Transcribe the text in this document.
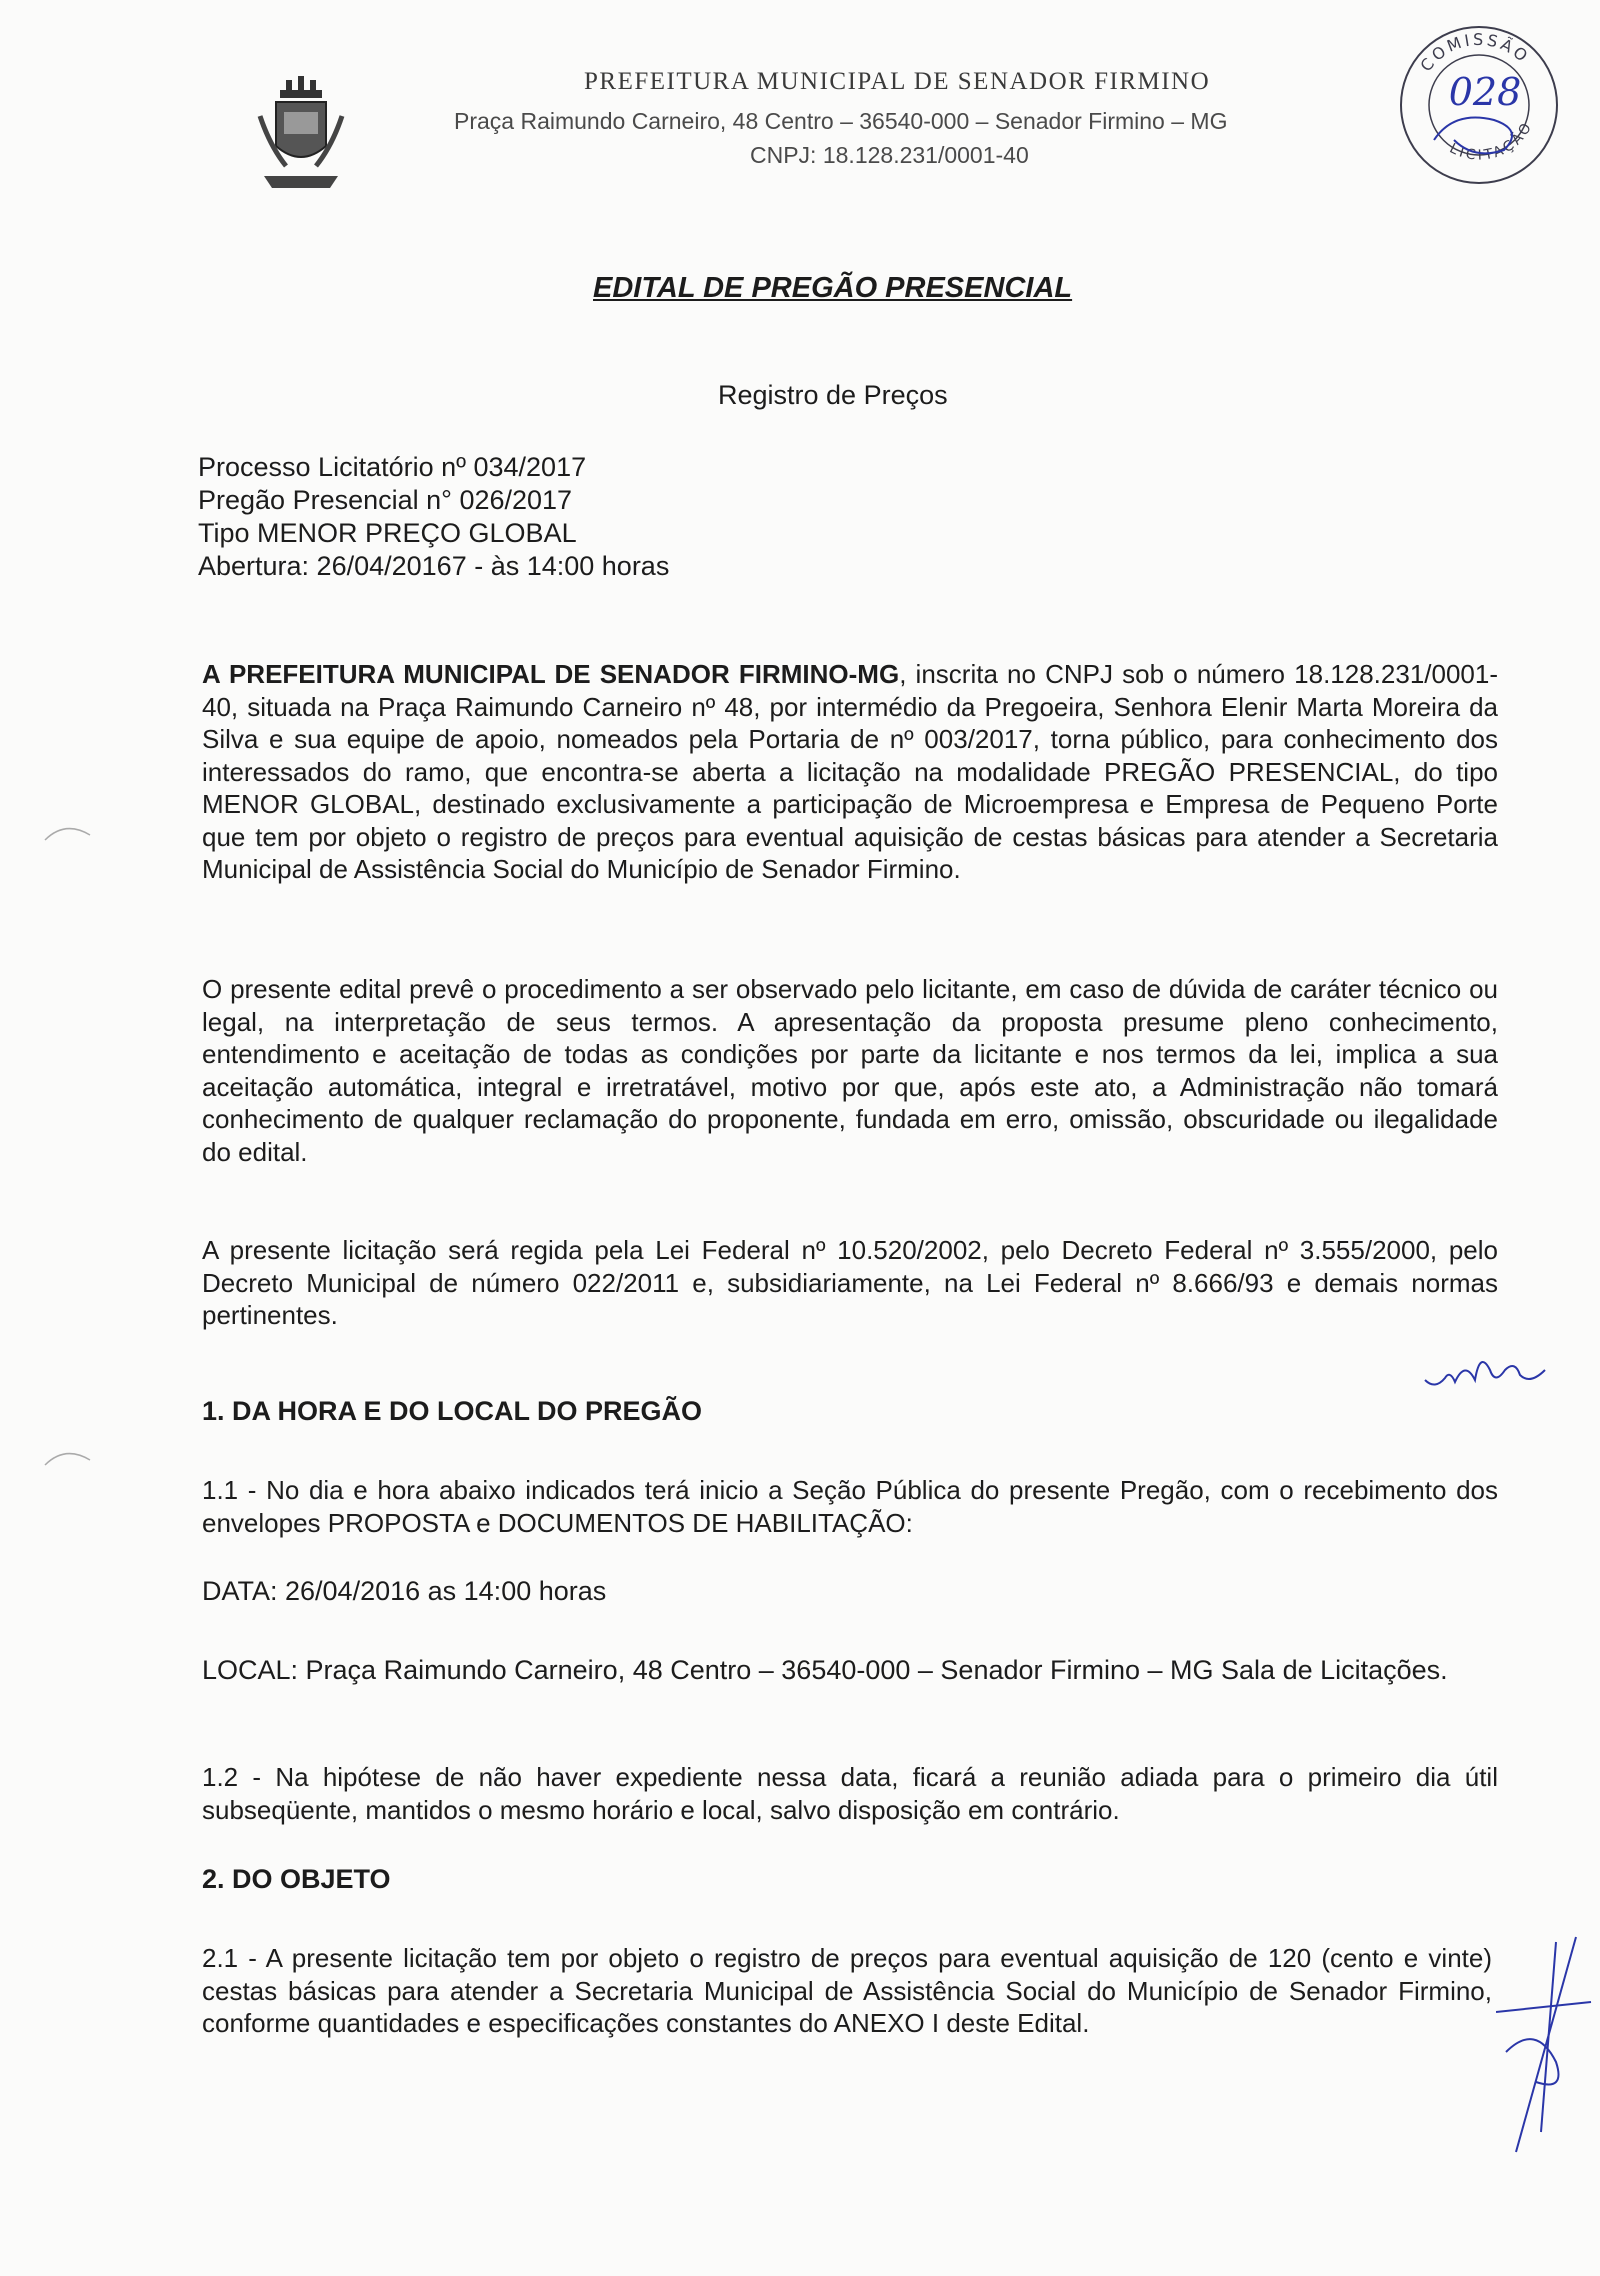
PREFEITURA MUNICIPAL DE SENADOR FIRMINO
Praça Raimundo Carneiro, 48 Centro – 36540-000 – Senador Firmino – MG
CNPJ: 18.128.231/0001-40
COMISSÃO
LICITAÇÃO
028
EDITAL DE PREGÃO PRESENCIAL
Registro de Preços
Processo Licitatório nº 034/2017
Pregão Presencial n° 026/2017
Tipo MENOR PREÇO GLOBAL
Abertura: 26/04/20167 - às 14:00 horas
A PREFEITURA MUNICIPAL DE SENADOR FIRMINO-MG, inscrita no CNPJ sob o número 18.128.231/0001-40, situada na Praça Raimundo Carneiro nº 48, por intermédio da Pregoeira, Senhora Elenir Marta Moreira da Silva e sua equipe de apoio, nomeados pela Portaria de nº 003/2017, torna público, para conhecimento dos interessados do ramo, que encontra-se aberta a licitação na modalidade PREGÃO PRESENCIAL, do tipo MENOR GLOBAL, destinado exclusivamente a participação de Microempresa e Empresa de Pequeno Porte que tem por objeto o registro de preços para eventual aquisição de cestas básicas para atender a Secretaria Municipal de Assistência Social do Município de Senador Firmino.
O presente edital prevê o procedimento a ser observado pelo licitante, em caso de dúvida de caráter técnico ou legal, na interpretação de seus termos. A apresentação da proposta presume pleno conhecimento, entendimento e aceitação de todas as condições por parte da licitante e nos termos da lei, implica a sua aceitação automática, integral e irretratável, motivo por que, após este ato, a Administração não tomará conhecimento de qualquer reclamação do proponente, fundada em erro, omissão, obscuridade ou ilegalidade do edital.
A presente licitação será regida pela Lei Federal nº 10.520/2002, pelo Decreto Federal nº 3.555/2000, pelo Decreto Municipal de número 022/2011 e, subsidiariamente, na Lei Federal nº 8.666/93 e demais normas pertinentes.
1. DA HORA E DO LOCAL DO PREGÃO
1.1 - No dia e hora abaixo indicados terá inicio a Seção Pública do presente Pregão, com o recebimento dos envelopes PROPOSTA e DOCUMENTOS DE HABILITAÇÃO:
DATA: 26/04/2016 as 14:00 horas
LOCAL: Praça Raimundo Carneiro, 48 Centro – 36540-000 – Senador Firmino – MG Sala de Licitações.
1.2 - Na hipótese de não haver expediente nessa data, ficará a reunião adiada para o primeiro dia útil subseqüente, mantidos o mesmo horário e local, salvo disposição em contrário.
2. DO OBJETO
2.1 - A presente licitação tem por objeto o registro de preços para eventual aquisição de 120 (cento e vinte) cestas básicas para atender a Secretaria Municipal de Assistência Social do Município de Senador Firmino, conforme quantidades e especificações constantes do ANEXO I deste Edital.
